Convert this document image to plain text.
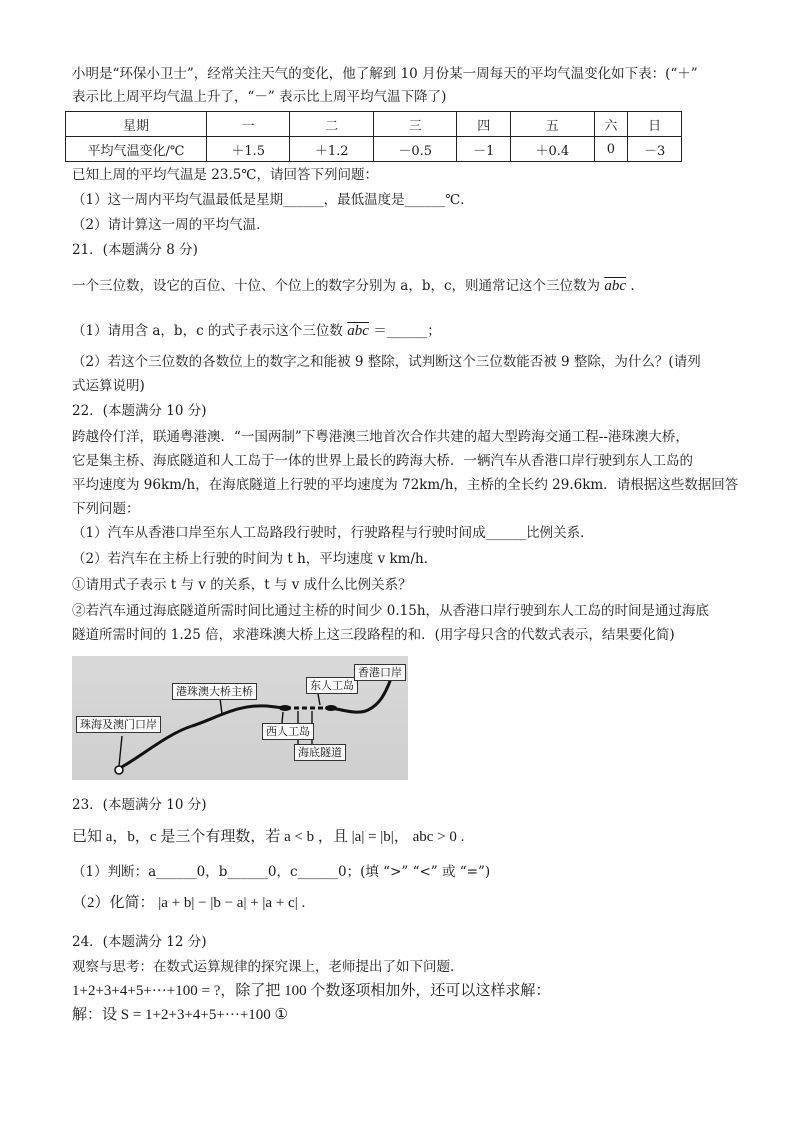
小明是“环保小卫士”，经常关注天气的变化，他了解到 10 月份某一周每天的平均气温变化如下表：(“＋”
表示比上周平均气温上升了，“－” 表示比上周平均气温下降了)
星期	一	二	三	四	五	六	日
平均气温变化/℃	＋1.5	＋1.2	－0.5	－1	＋0.4	0	－3
已知上周的平均气温是 23.5℃，请回答下列问题：
（1）这一周内平均气温最低是星期______，最低温度是______℃．
（2）请计算这一周的平均气温．
21．(本题满分 8 分)
一个三位数，设它的百位、十位、个位上的数字分别为 a，b，c，则通常记这个三位数为 $\overline{abc}$ .
（1）请用含 a，b，c 的式子表示这个三位数 $\overline{abc}$ ＝______；
（2）若这个三位数的各数位上的数字之和能被 9 整除，试判断这个三位数能否被 9 整除，为什么？(请列
式运算说明)
22．(本题满分 10 分)
跨越伶仃洋，联通粤港澳．“一国两制”下粤港澳三地首次合作共建的超大型跨海交通工程--港珠澳大桥，
它是集主桥、海底隧道和人工岛于一体的世界上最长的跨海大桥．一辆汽车从香港口岸行驶到东人工岛的
平均速度为 96km/h，在海底隧道上行驶的平均速度为 72km/h，主桥的全长约 29.6km．请根据这些数据回答
下列问题：
（1）汽车从香港口岸至东人工岛路段行驶时，行驶路程与行驶时间成______比例关系．
（2）若汽车在主桥上行驶的时间为 t h，平均速度 v km/h．
①请用式子表示 t 与 v 的关系，t 与 v 成什么比例关系？
②若汽车通过海底隧道所需时间比通过主桥的时间少 0.15h，从香港口岸行驶到东人工岛的时间是通过海底
隧道所需时间的 1.25 倍，求港珠澳大桥上这三段路程的和．(用字母只含的代数式表示，结果要化简)
珠海及澳门口岸
港珠澳大桥主桥
西人工岛
东人工岛
香港口岸
海底隧道
23．(本题满分 10 分)
已知 a，b，c 是三个有理数，若 a < b ，且 |a| = |b|， abc > 0 .
（1）判断：a______0，b______0，c______0；(填 “>” “<” 或 “=”)
（2）化简： |a + b| − |b − a| + |a + c| .
24．(本题满分 12 分)
观察与思考：在数式运算规律的探究课上，老师提出了如下问题．
1+2+3+4+5+···+100 = ?，除了把 100 个数逐项相加外，还可以这样求解：
解：设 S = 1+2+3+4+5+···+100 ①
